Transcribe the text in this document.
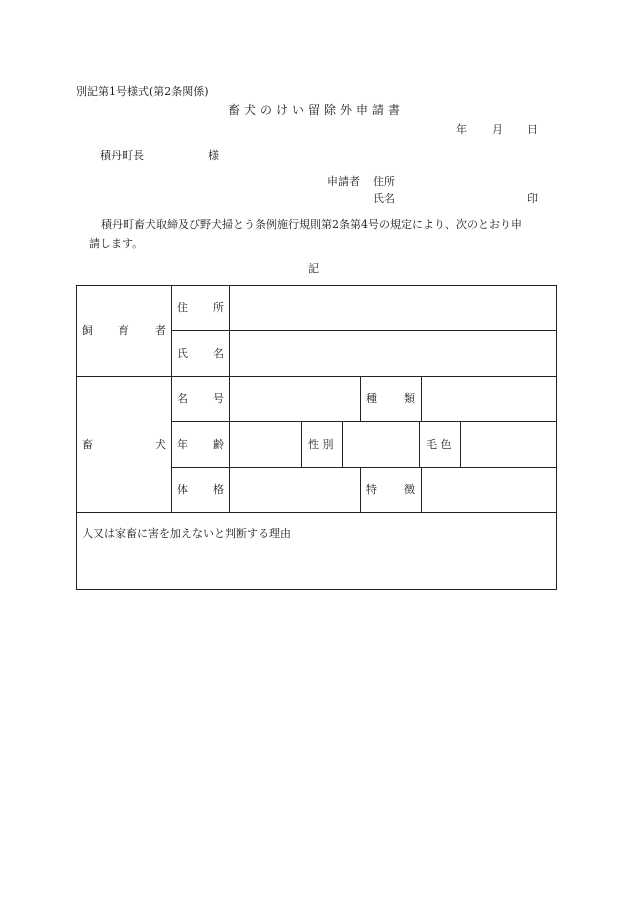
別記第1号様式(第2条関係)
畜犬のけい留除外申請書
年 月 日
積丹町長	様
申請者 住所
氏名	印
積丹町畜犬取締及び野犬掃とう条例施行規則第2条第4号の規定により、次のとおり申
請します。
記
飼 育 者
住 所
氏 名
畜	犬
名 号	種 類
年 齢	性 別	毛 色
体 格	特 徴
人又は家畜に害を加えないと判断する理由
